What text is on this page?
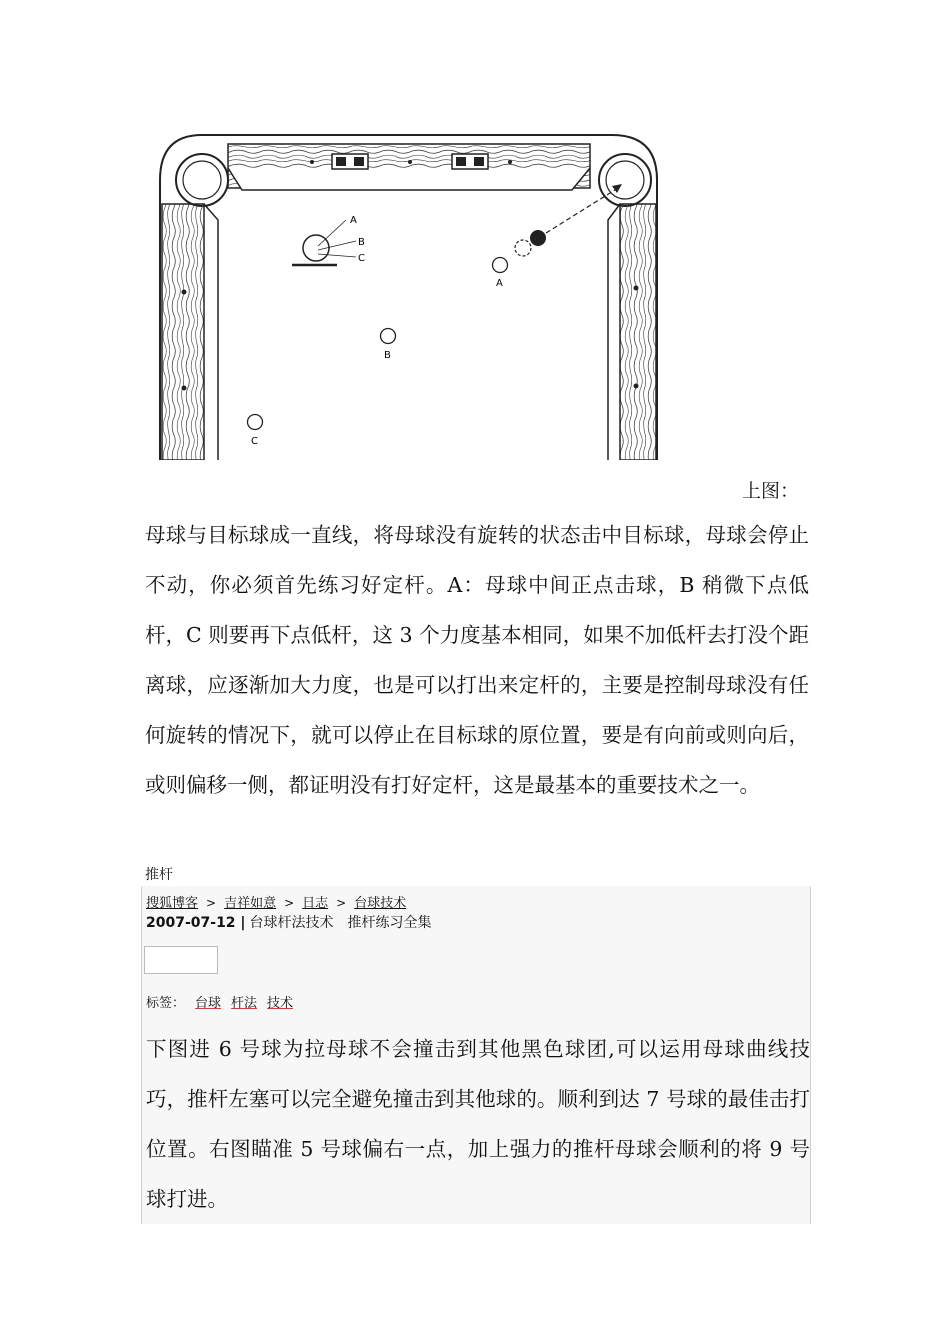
A
B
C
A
B
C
上图：
母球与目标球成一直线，将母球没有旋转的状态击中目标球，母球会停止不动，你必须首先练习好定杆。A：母球中间正点击球，B 稍微下点低杆，C 则要再下点低杆，这 3 个力度基本相同，如果不加低杆去打没个距离球，应逐渐加大力度，也是可以打出来定杆的，主要是控制母球没有任何旋转的情况下，就可以停止在目标球的原位置，要是有向前或则向后，或则偏移一侧，都证明没有打好定杆，这是最基本的重要技术之一。
推杆
搜狐博客 > 吉祥如意 > 日志 > 台球技术
2007-07-12 | 台球杆法技术 推杆练习全集
标签： 台球 杆法 技术
下图进 6 号球为拉母球不会撞击到其他黑色球团,可以运用母球曲线技巧，推杆左塞可以完全避免撞击到其他球的。顺利到达 7 号球的最佳击打位置。右图瞄准 5 号球偏右一点，加上强力的推杆母球会顺利的将 9 号球打进。
